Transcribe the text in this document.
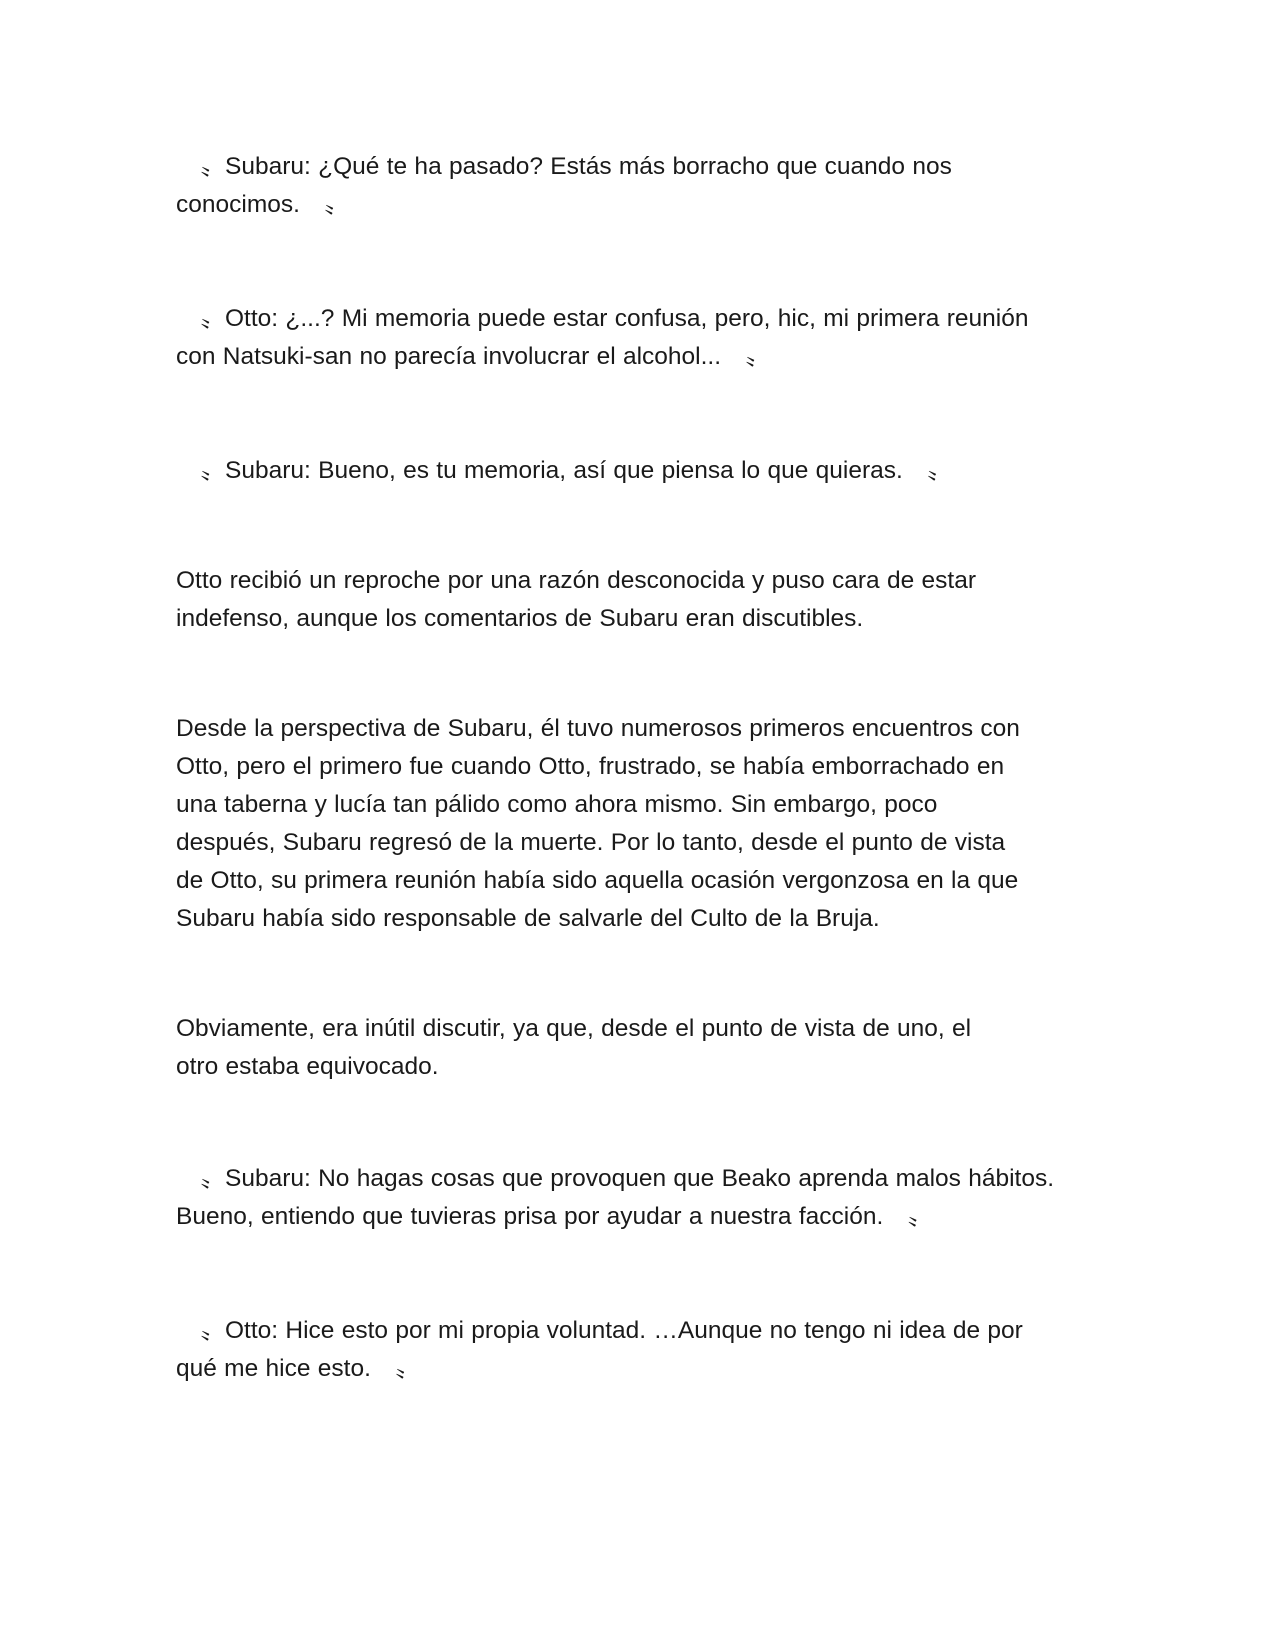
　〟Subaru: ¿Qué te ha pasado? Estás más borracho que cuando nos
conocimos.　〟

　〟Otto: ¿...? Mi memoria puede estar confusa, pero, hic, mi primera reunión
con Natsuki-san no parecía involucrar el alcohol...　〟

　〟Subaru: Bueno, es tu memoria, así que piensa lo que quieras.　〟

Otto recibió un reproche por una razón desconocida y puso cara de estar
indefenso, aunque los comentarios de Subaru eran discutibles.

Desde la perspectiva de Subaru, él tuvo numerosos primeros encuentros con
Otto, pero el primero fue cuando Otto, frustrado, se había emborrachado en
una taberna y lucía tan pálido como ahora mismo. Sin embargo, poco
después, Subaru regresó de la muerte. Por lo tanto, desde el punto de vista
de Otto, su primera reunión había sido aquella ocasión vergonzosa en la que
Subaru había sido responsable de salvarle del Culto de la Bruja.

Obviamente, era inútil discutir, ya que, desde el punto de vista de uno, el
otro estaba equivocado.

　〟Subaru: No hagas cosas que provoquen que Beako aprenda malos hábitos.
Bueno, entiendo que tuvieras prisa por ayudar a nuestra facción.　〟

　〟Otto: Hice esto por mi propia voluntad. …Aunque no tengo ni idea de por
qué me hice esto.　〟
